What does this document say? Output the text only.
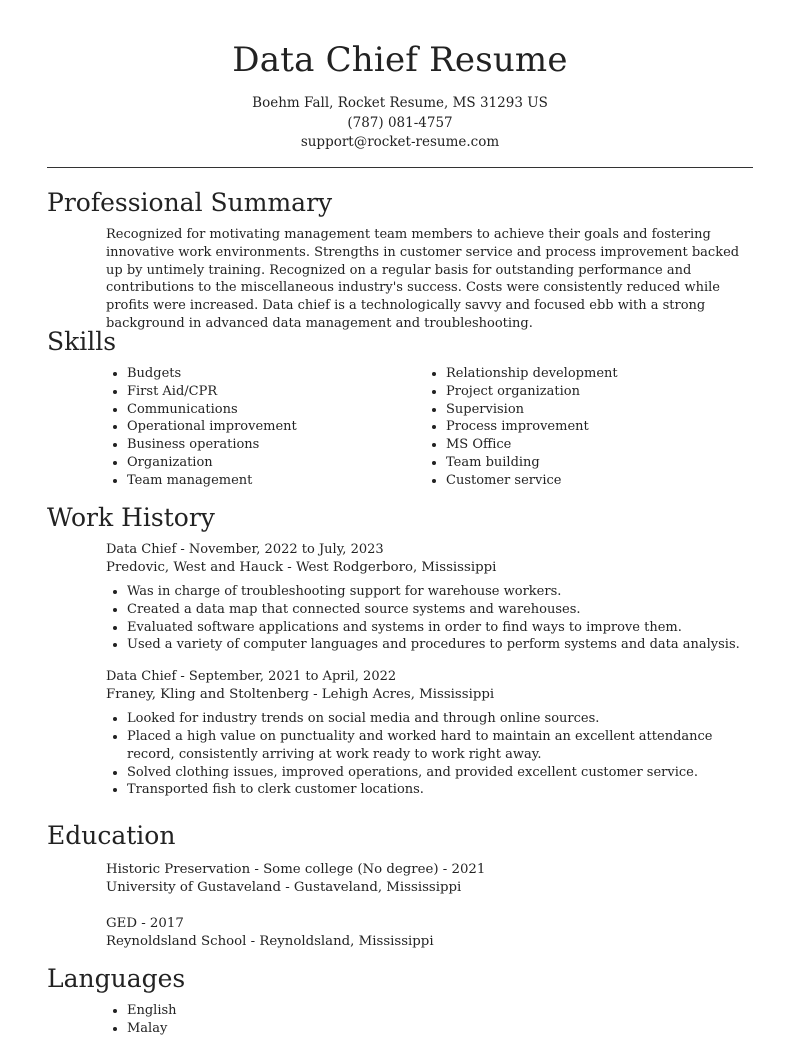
Data Chief Resume
Boehm Fall, Rocket Resume, MS 31293 US
(787) 081-4757
support@rocket-resume.com
Professional Summary
Recognized for motivating management team members to achieve their goals and fostering innovative work environments. Strengths in customer service and process improvement backed up by untimely training. Recognized on a regular basis for outstanding performance and contributions to the miscellaneous industry's success. Costs were consistently reduced while profits were increased. Data chief is a technologically savvy and focused ebb with a strong background in advanced data management and troubleshooting.
Skills
• Budgets
• First Aid/CPR
• Communications
• Operational improvement
• Business operations
• Organization
• Team management
• Relationship development
• Project organization
• Supervision
• Process improvement
• MS Office
• Team building
• Customer service
Work History
Data Chief - November, 2022 to July, 2023
Predovic, West and Hauck - West Rodgerboro, Mississippi
• Was in charge of troubleshooting support for warehouse workers.
• Created a data map that connected source systems and warehouses.
• Evaluated software applications and systems in order to find ways to improve them.
• Used a variety of computer languages and procedures to perform systems and data analysis.
Data Chief - September, 2021 to April, 2022
Franey, Kling and Stoltenberg - Lehigh Acres, Mississippi
• Looked for industry trends on social media and through online sources.
• Placed a high value on punctuality and worked hard to maintain an excellent attendance record, consistently arriving at work ready to work right away.
• Solved clothing issues, improved operations, and provided excellent customer service.
• Transported fish to clerk customer locations.
Education
Historic Preservation - Some college (No degree) - 2021
University of Gustaveland - Gustaveland, Mississippi
GED - 2017
Reynoldsland School - Reynoldsland, Mississippi
Languages
• English
• Malay
